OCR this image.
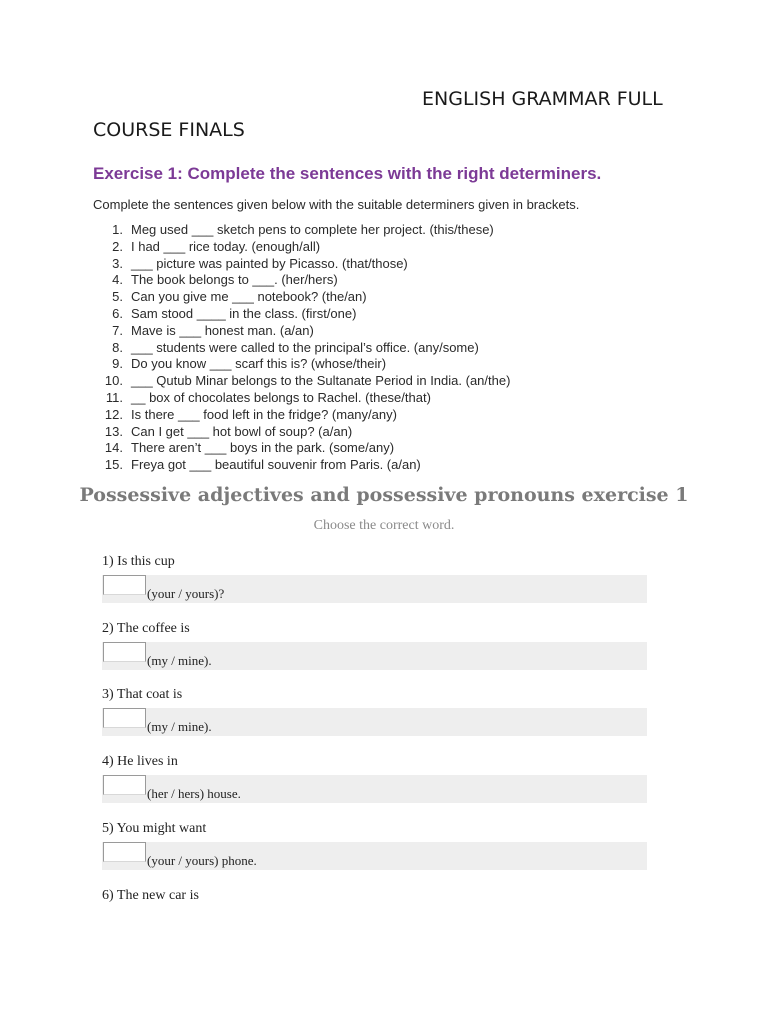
ENGLISH GRAMMAR FULL
COURSE FINALS
Exercise 1: Complete the sentences with the right determiners.
Complete the sentences given below with the suitable determiners given in brackets.
1. Meg used ___ sketch pens to complete her project. (this/these)
2. I had ___ rice today. (enough/all)
3. ___ picture was painted by Picasso. (that/those)
4. The book belongs to ___. (her/hers)
5. Can you give me ___ notebook? (the/an)
6. Sam stood ____ in the class. (first/one)
7. Mave is ___ honest man. (a/an)
8. ___ students were called to the principal’s office. (any/some)
9. Do you know ___ scarf this is? (whose/their)
10. ___ Qutub Minar belongs to the Sultanate Period in India. (an/the)
11. __ box of chocolates belongs to Rachel. (these/that)
12. Is there ___ food left in the fridge? (many/any)
13. Can I get ___ hot bowl of soup? (a/an)
14. There aren’t ___ boys in the park. (some/any)
15. Freya got ___ beautiful souvenir from Paris. (a/an)
Possessive adjectives and possessive pronouns exercise 1
Choose the correct word.
1) Is this cup
(your / yours)?
2) The coffee is
(my / mine).
3) That coat is
(my / mine).
4) He lives in
(her / hers) house.
5) You might want
(your / yours) phone.
6) The new car is
